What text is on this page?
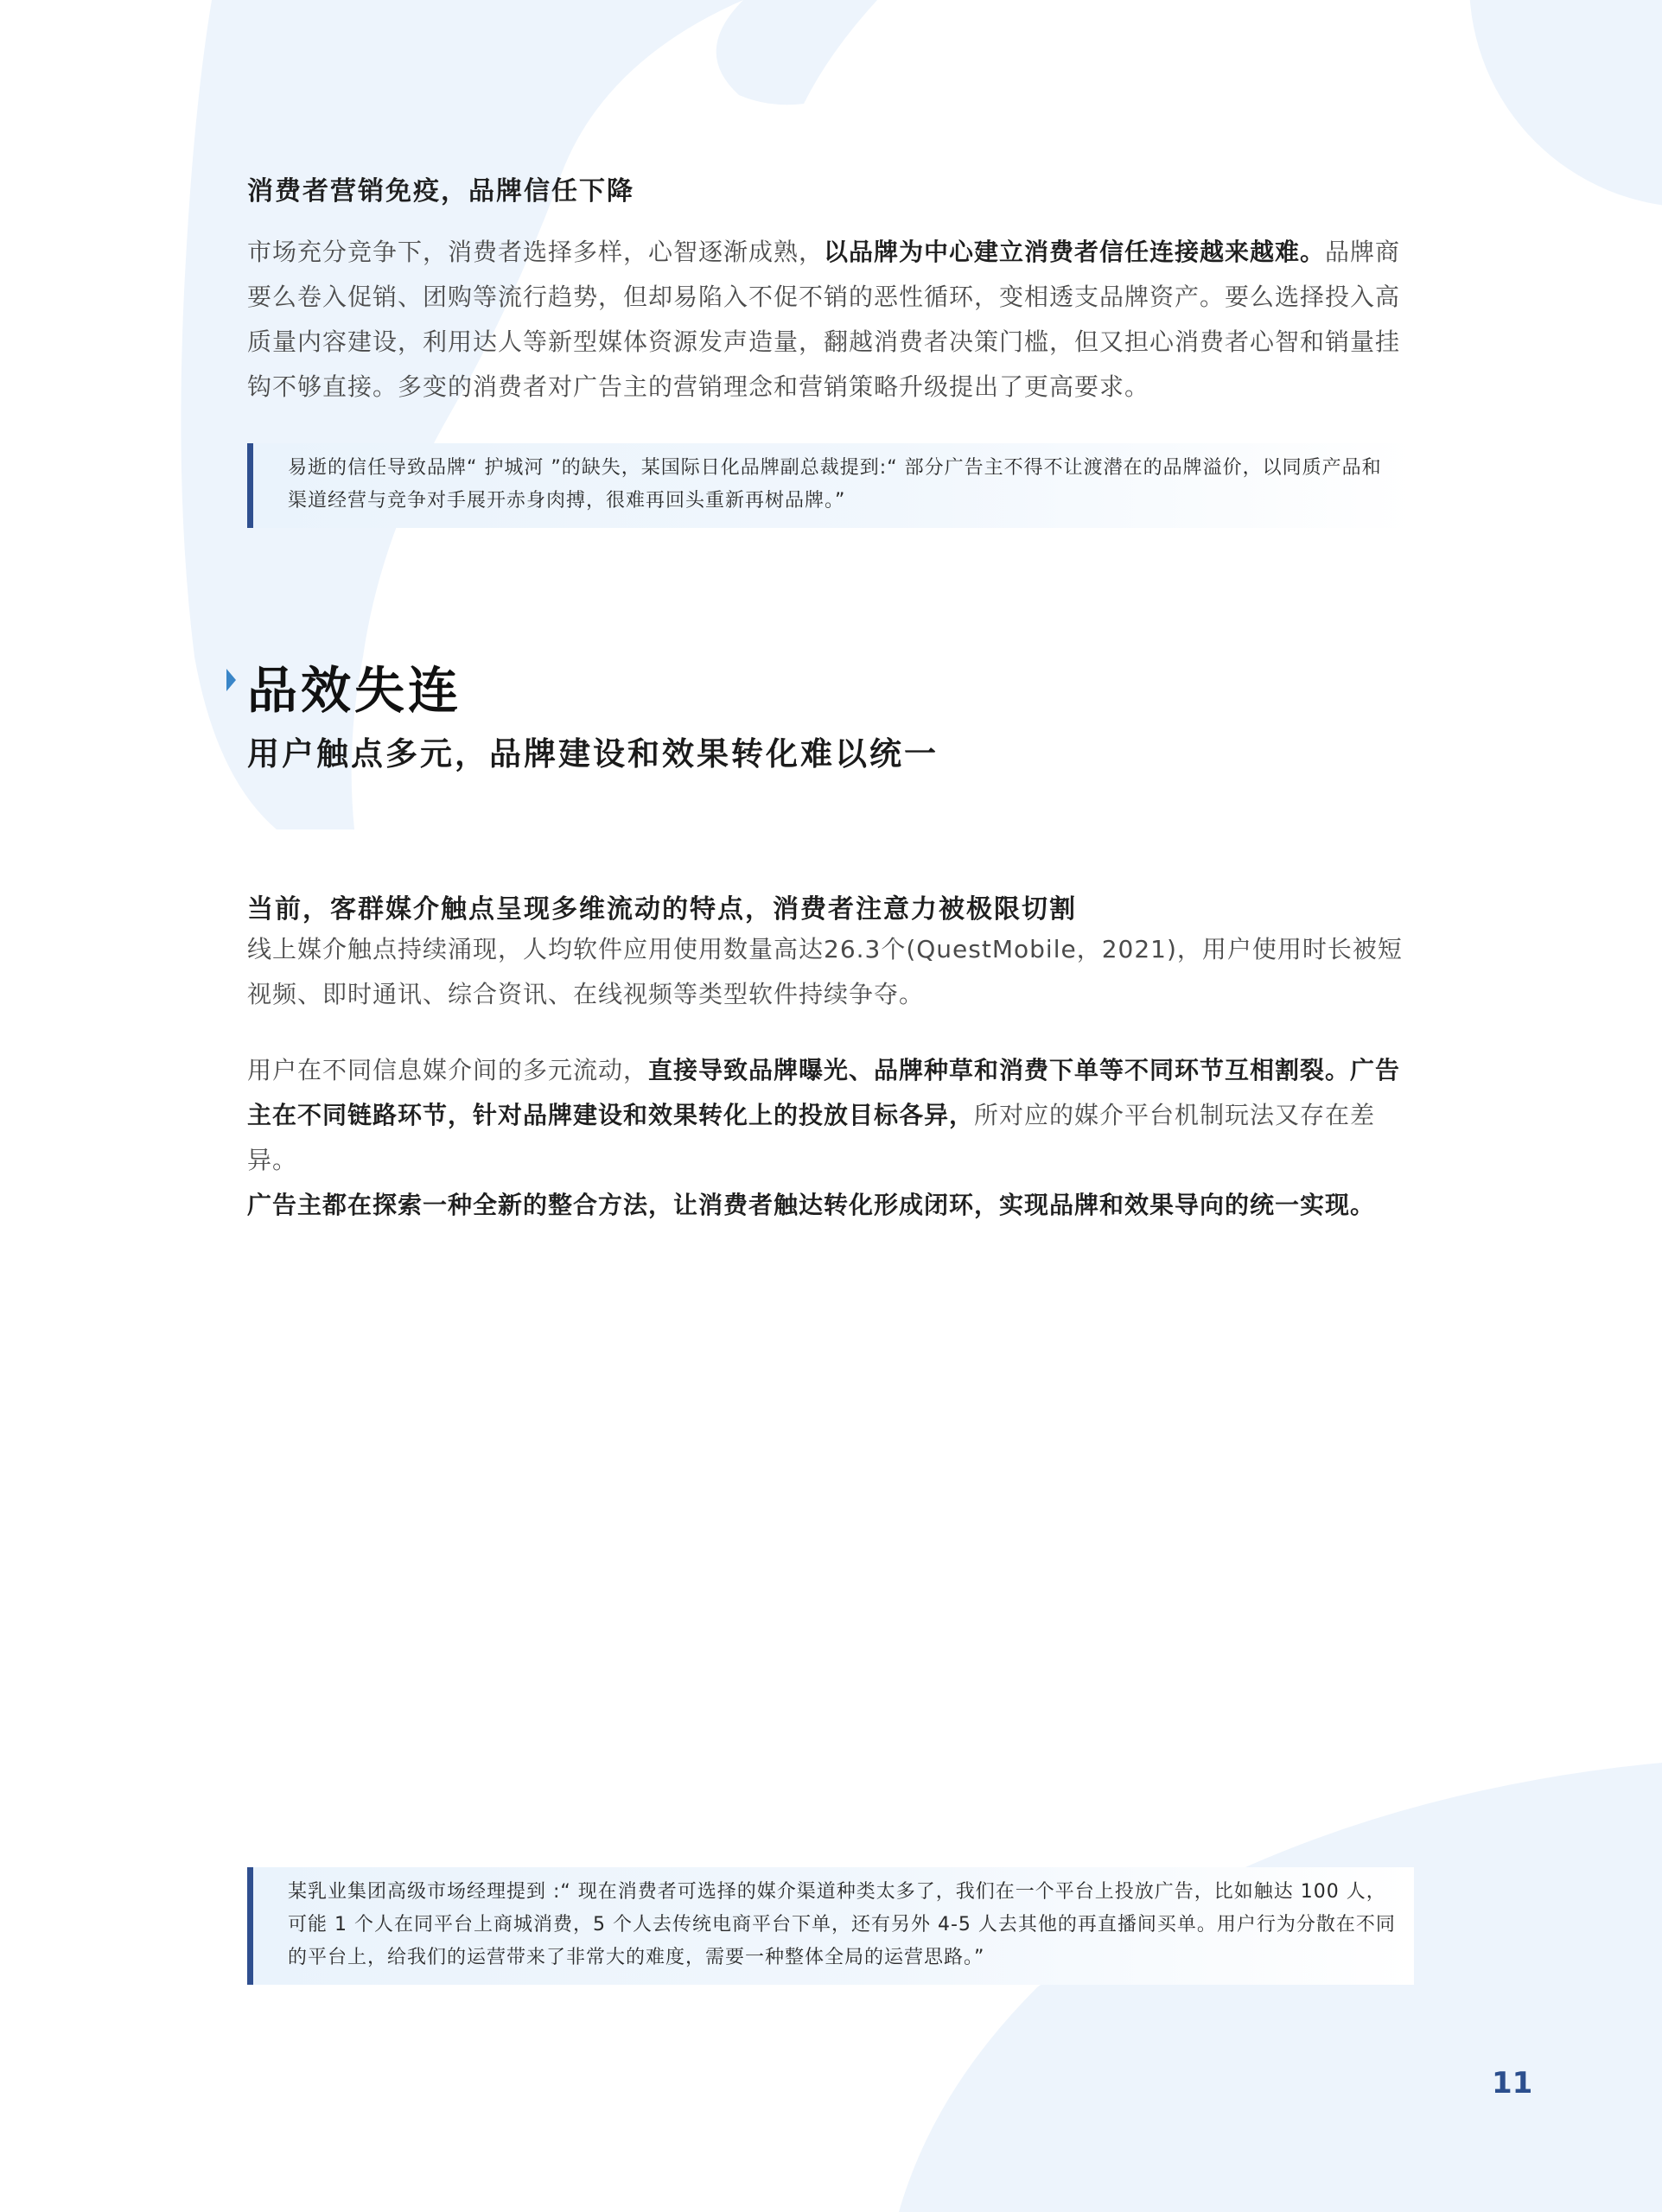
消费者营销免疫，品牌信任下降

市场充分竞争下，消费者选择多样，心智逐渐成熟，以品牌为中心建立消费者信任连接越来越难。品牌商要么卷入促销、团购等流行趋势，但却易陷入不促不销的恶性循环，变相透支品牌资产。要么选择投入高质量内容建设，利用达人等新型媒体资源发声造量，翻越消费者决策门槛，但又担心消费者心智和销量挂钩不够直接。多变的消费者对广告主的营销理念和营销策略升级提出了更高要求。

易逝的信任导致品牌“ 护城河 ”的缺失，某国际日化品牌副总裁提到:“ 部分广告主不得不让渡潜在的品牌溢价，以同质产品和渠道经营与竞争对手展开赤身肉搏，很难再回头重新再树品牌。”
品效失连
用户触点多元，品牌建设和效果转化难以统一
当前，客群媒介触点呈现多维流动的特点，消费者注意力被极限切割

线上媒介触点持续涌现，人均软件应用使用数量高达26.3个(QuestMobile，2021)，用户使用时长被短视频、即时通讯、综合资讯、在线视频等类型软件持续争夺。

用户在不同信息媒介间的多元流动，直接导致品牌曝光、品牌种草和消费下单等不同环节互相割裂。广告主在不同链路环节，针对品牌建设和效果转化上的投放目标各异，所对应的媒介平台机制玩法又存在差异。
广告主都在探索一种全新的整合方法，让消费者触达转化形成闭环，实现品牌和效果导向的统一实现。

某乳业集团高级市场经理提到 :“ 现在消费者可选择的媒介渠道种类太多了，我们在一个平台上投放广告，比如触达 100 人，可能 1 个人在同平台上商城消费，5 个人去传统电商平台下单，还有另外 4-5 人去其他的再直播间买单。用户行为分散在不同的平台上，给我们的运营带来了非常大的难度，需要一种整体全局的运营思路。”
11
